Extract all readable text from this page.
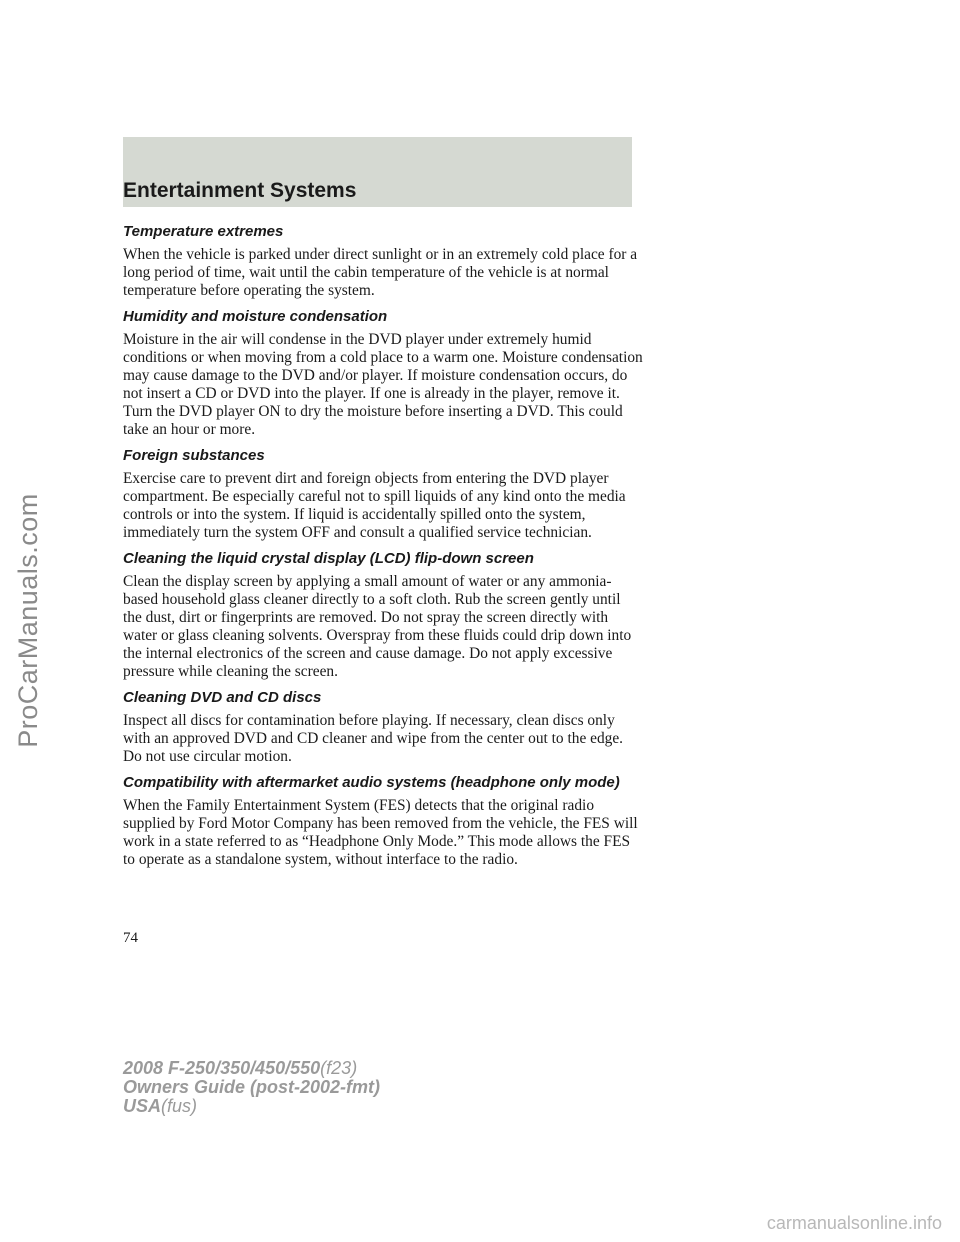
Entertainment Systems
Temperature extremes

When the vehicle is parked under direct sunlight or in an extremely cold place for a long period of time, wait until the cabin temperature of the vehicle is at normal temperature before operating the system.

Humidity and moisture condensation

Moisture in the air will condense in the DVD player under extremely humid conditions or when moving from a cold place to a warm one. Moisture condensation may cause damage to the DVD and/or player. If moisture condensation occurs, do not insert a CD or DVD into the player. If one is already in the player, remove it. Turn the DVD player ON to dry the moisture before inserting a DVD. This could take an hour or more.

Foreign substances

Exercise care to prevent dirt and foreign objects from entering the DVD player compartment. Be especially careful not to spill liquids of any kind onto the media controls or into the system. If liquid is accidentally spilled onto the system, immediately turn the system OFF and consult a qualified service technician.

Cleaning the liquid crystal display (LCD) flip-down screen

Clean the display screen by applying a small amount of water or any ammonia-based household glass cleaner directly to a soft cloth. Rub the screen gently until the dust, dirt or fingerprints are removed. Do not spray the screen directly with water or glass cleaning solvents. Overspray from these fluids could drip down into the internal electronics of the screen and cause damage. Do not apply excessive pressure while cleaning the screen.

Cleaning DVD and CD discs

Inspect all discs for contamination before playing. If necessary, clean discs only with an approved DVD and CD cleaner and wipe from the center out to the edge. Do not use circular motion.

Compatibility with aftermarket audio systems (headphone only mode)

When the Family Entertainment System (FES) detects that the original radio supplied by Ford Motor Company has been removed from the vehicle, the FES will work in a state referred to as “Headphone Only Mode.” This mode allows the FES to operate as a standalone system, without interface to the radio.

74
2008 F-250/350/450/550(f23)
Owners Guide (post-2002-fmt)
USA(fus)
ProCarManuals.com
carmanualsonline.info
